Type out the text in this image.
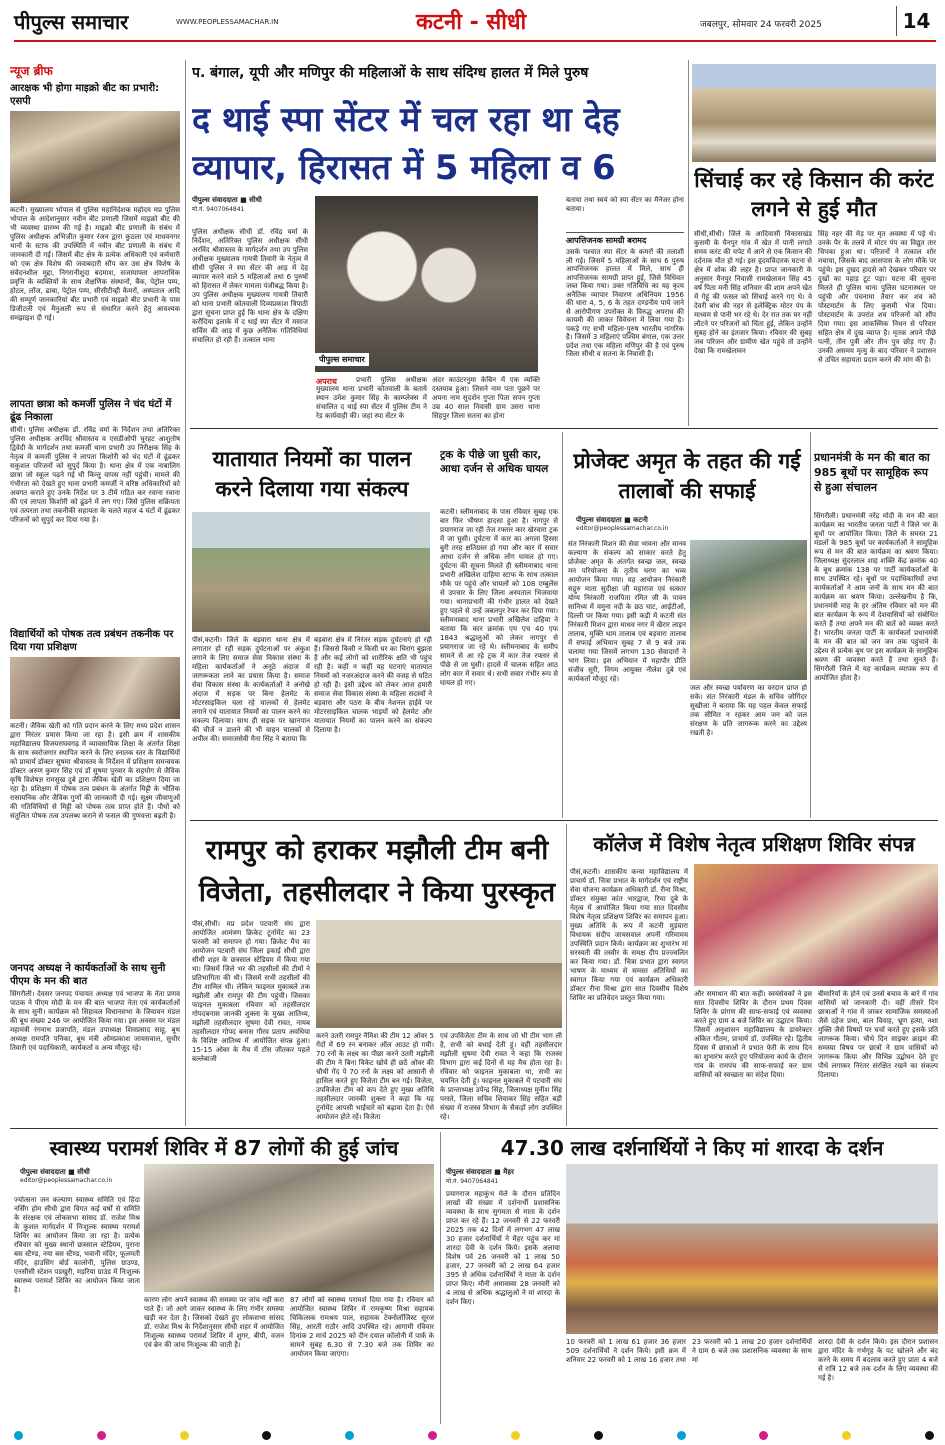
पीपुल्स समाचार	WWW.PEOPLESSAMACHAR.IN	कटनी - सीधी	जबलपुर, सोमवार 24 फरवरी 2025	14
न्यूज ब्रीफ
आरक्षक भी होगा माइक्रो बीट का प्रभारी: एसपी
कटनी। मुख्यालय भोपाल से पुलिस महानिदेशक महोदय मप्र पुलिस भोपाल के आदेशानुसार नवीन बीट प्रणाली जिसमें माइक्रो बीट की भी व्यवस्था प्रारम्भ की गई है। माइक्रो बीट प्रणाली के संबंध में पुलिस अधीक्षक अभिजीत कुमार रंजन द्वारा कुठला एवं माधवनगर थानों के स्टाफ की उपस्थिति में नवीन बीट प्रणाली के संबंध में जानकारी दी गई। जिसमें बीट क्षेत्र के प्रत्येक अधिकारी एवं कर्मचारी को एक क्षेत्र विशेष की जवाबदारी सौंप कर उस क्षेत्र विशेष के संवेदनशील मुद्दा, निगरानीशुदा बदमाश, सजायाफ्ता आपराधिक प्रवृत्ति के व्यक्तियों के साथ शैक्षणिक संस्थानों, बैंक, पेट्रोल पम्प, होटल, लॉज, ढाबा, पेट्रोल पम्प, सीसीटीव्ही कैमरों, अस्पताल आदि की सम्पूर्ण जानकारियां बीट प्रभारी एवं माइक्रो बीट प्रभारी के पास डिजीटली एवं मैनुअली रूप से संधारित करने हेतु आवश्यक समझाइश दी गई।
लापता छात्रा को कमर्जी पुलिस ने चंद घंटों में ढूंढ निकाला
सीधी। पुलिस अधीक्षक डॉ. रविंद्र वर्मा के निर्देशन तथा अतिरिक्त पुलिस अधीक्षक अरविंद श्रीवास्तव व एसडीओपी चुरहट आशुतोष द्विवेदी के मार्गदर्शन तथा कमर्जी थाना प्रभारी उप निरीक्षक सिंह के नेतृत्व में कमर्जी पुलिस ने लापता किशोरी को चंद घंटों में ढूंढकर सकुशल परिजनों को सुपुर्द किया है। थाना क्षेत्र में एक नाबालिग छात्रा जो स्कूल पढ़ने गई थी किन्तु वापस नहीं पहुंची। मामले की गंभीरता को देखते हुए थाना प्रभारी कमर्जी ने वरिष्ठ अधिकारियों को अवगत कराते हुए उनके निर्देश पर 3 टीमें गठित कर रवाना रवाना की एवं लापता किशोरी को ढूंढने में लग गए। जिसे पुलिस सक्रियता एवं तत्परता तथा तकनीकी सहायता के चलते महज 4 घंटों में ढूंढकर परिजनों को सुपुर्द कर दिया गया है।
विद्यार्थियों को पोषक तत्व प्रबंधन तकनीक पर दिया गया प्रशिक्षण
कटनी। जैविक खेती को गति प्रदान करने के लिए मध्य प्रदेश शासन द्वारा निरंतर प्रयास किया जा रहा है। इसी क्रम में शासकीय महाविद्यालय विजयराघवगढ़ में व्यावसायिक शिक्षा के अंतर्गत शिक्षा के साथ स्वरोजगार स्थापित करने के लिए स्नातक स्तर के विद्यार्थियों को प्राचार्य डॉक्टर सुषमा श्रीवास्तव के निर्देशन में प्रशिक्षण समन्वयक डॉक्टर अरुण कुमार सिंह एवं डॉ सुषमा पुरवार के सहयोग से जैविक कृषि विशेषज्ञ रामसुख दुबे द्वारा जैविक खेती का प्रशिक्षण दिया जा रहा है। प्रशिक्षण में पोषक तत्व प्रबंधन के अंतर्गत मिट्टी के भौतिक रासायनिक और जैविक गुणों की जानकारी दी गई। सूक्ष्म जीवाणुओं की गतिविधियों से मिट्टी को पोषक तत्व प्राप्त होते हैं। पौधों को संतुलित पोषक तत्व उपलब्ध कराने से फसल की गुणवत्ता बढ़ती है।
जनपद अध्यक्ष ने कार्यकर्ताओं के साथ सुनी पीएम के मन की बात
सिंगरौली। देवसर जनपद पंचायत अध्यक्ष एवं भाजपा के नेता प्रणव पाठक ने पीएम मोदी के मन की बात भाजपा नेता एवं कार्यकर्ताओं के साथ सुनी। कार्यक्रम को सिहावल विधानसभा के जियावन मंडल की बूथ संख्या 246 पर आयोजित किया गया। इस अवसर पर मंडल महामंत्री रंगनाथ प्रजापति, मंडल उपाध्यक्ष शिवप्रसाद साहू, बूथ अध्यक्ष रामपति पनिका, बूथ मंत्री ओमप्रकाश जायसवाल, सुधीर तिवारी एवं पदाधिकारी, कार्यकर्ता व अन्य मौजूद रहे।
प. बंगाल, यूपी और मणिपुर की महिलाओं के साथ संदिग्ध हालत में मिले पुरुष
द थाई स्पा सेंटर में चल रहा था देह व्यापार, हिरासत में 5 महिला व 6
पीपुल्स संवाददाता ■ सीधी
मो.नं. 9407064841
पीपुल्स समाचार
अपराध
पुलिस अधीक्षक सीधी डॉ. रविंद्र वर्मा के निर्देशन, अतिरिक्त पुलिस अधीक्षक सीधी अरविंद श्रीवास्तव के मार्गदर्शन तथा उप पुलिस अधीक्षक मुख्यालय गायत्री तिवारी के नेतृत्व में सीधी पुलिस ने स्पा सेंटर की आड़ में देह व्यापार करने वाले 5 महिलाओं तथा 6 पुरुषों को हिरासत में लेकर मामला पंजीबद्ध किया है। उप पुलिस अधीक्षक मुख्यालय गायत्री तिवारी को थाना प्रभारी कोतवाली दिव्यप्रकाश त्रिपाठी द्वारा सूचना प्राप्त हुई कि थाना क्षेत्र के दक्षिण करौंदिया इलाके में द थाई स्पा सेंटर में मसाज सर्विस की आड़ में कुछ अनैतिक गतिविधियां संचालित हो रही हैं। तत्काल थाना
प्रभारी पुलिस अधीक्षक मुख्यालय थाना प्रभारी कोतवाली के बताये स्थान उमेश कुमार सिंह के काम्प्लेक्स में संचालित द थाई स्पा सेंटर में पुलिस टीम ने रेड कार्यवाही की। जहां स्पा सेंटर के
अंदर काउंटरनुमा केबिन में एक व्यक्ति दस्तयाब हुआ। जिसने नाम पता पूछने पर अपना नाम सुदर्शन गुप्ता पिता सपन गुप्ता उम्र 40 साल निवासी ग्राम उसरा थाना सिंहपुर जिला सतना का होना
बताया तथा स्वयं को स्पा सेंटर का मैनेजर होना बताया।
आपत्तिजनक सामग्री बरामद
उसके पश्चात स्पा सेंटर के कमरों की तलाशी ली गई। जिसमें 5 महिलाओं के साथ 6 पुरुष आपत्तिजनक हालत में मिले, साथ ही आपत्तिजनक सामग्री प्राप्त हुई, जिसे विधिवत जब्त किया गया। उक्त गतिविधि का यह कृत्य अनैतिक व्यापार निवारण अधिनियम 1956 की धारा 4, 5, 6 के तहत दण्डनीय पाये जाने से आरोपीगण उपरोक्त के विरुद्ध अपराध की कायमी की जाकर विवेचना में लिया गया है। पकड़े गए सभी महिला-पुरुष भारतीय नागरिक है। जिसमें 3 महिलाएं पश्चिम बंगाल, एक उत्तर प्रदेश तथा एक महिला मणिपुर की है एवं पुरुष जिला सीधी व सतना के निवासी हैं।
सिंचाई कर रहे किसान की करंट लगने से हुई मौत
सीधी,सीधी। जिले के आदिवासी विकासखंड कुसमी के चैनपुर गांव में खेत में पानी लगाते समय करंट की चपेट में आने से एक किसान की दर्दनाक मौत हो गई। इस हृदयविदारक घटना से क्षेत्र में शोक की लहर है। प्राप्त जानकारी के अनुसार मैनपुर निवासी रामखेलावन सिंह 45 वर्ष पिता मनी सिंह शनिवार की शाम अपने खेत में गेहूं की फसल को सिंचाई करने गए थे। वे देवरी बांध की नहर से इलेक्ट्रिक मोटर पंप के माध्यम से पानी भर रहे थे। देर रात तक घर नहीं लौटने पर परिजनों को चिंता हुई, लेकिन उन्होंने सुबह होने का इंतजार किया। रविवार की सुबह जब परिजन और ग्रामीण खेत पहुंचे तो उन्होंने देखा कि रामखेलावन
सिंह नहर की मेड़ पर मृत अवस्था में पड़े थे। उनके पैर के तलवे में मोटर पंप का विद्युत तार चिपका हुआ था। परिजनों ने तत्काल शोर मचाया, जिसके बाद आसपास के लोग मौके पर पहुंचे। इस दुखद हादसे को देखकर परिवार पर दुखों का पहाड़ टूट पड़ा। घटना की सूचना मिलते ही पुलिस थाना पुलिस घटनास्थल पर पहुंची और पंचनामा तैयार कर शव को पोस्टमार्टम के लिए कुसमी भेज दिया। पोस्टमार्टम के उपरांत शव परिजनों को सौंप दिया गया। इस आकस्मिक निधन से परिवार सहित क्षेत्र में दुख व्याप्त है। मृतक अपने पीछे पत्नी, तीन पुत्री और तीन पुत्र छोड़ गए हैं। उनकी असमय मृत्यु के बाद परिवार ने प्रशासन से उचित सहायता प्रदान करने की मांग की है।
यातायात नियमों का पालन करने दिलाया गया संकल्प
पीसं,कटनी। जिले के बड़वारा थाना क्षेत्र में लगातार हो रही सड़क दुर्घटनाओं पर अंकुश लगाने के लिए समाज सेवा विकास संस्था के महिला कार्यकर्ताओं ने अनूठे अंदाज में जागरूकता लाने का प्रयास किया है। समाज सेवा विकास संस्था के कार्यकर्ताओं ने अनोखे अंदाज में सड़क पर बिना हेलमेट के मोटरसाइकिल चला रहे चालकों से हेलमेट लगाने एवं यातायात नियमों का पालन करने का संकल्प दिलाया। साथ ही सड़क पर खानपान की चीजें न डालने की भी वाहन चालकों से अपील की। समाजसेवी मैना सिंह ने बताया कि
बड़वारा क्षेत्र में निरंतर सड़क दुर्घटनाएं हो रही हैं। जिससे किसी न किसी घर का चिराग बुझता है और कई लोगों को शारीरिक क्षति भी पहुंच रही है। कहीं न कहीं यह घटनाएं यातायात नियमों को नजरअंदाज करने की वजह से घटित हो रही हैं। इसी उद्देश्य को लेकर आज हमारी समाज सेवा विकास संस्था के महिला सदस्यों ने बड़वारा और पठरा के बीच नेशनल हाईवे पर मोटरसाइकिल चालक भाइयों को हेलमेट और यातायात नियमों का पालन करने का संकल्प दिलाया है।
ट्रक के पीछे जा घुसी कार, आधा दर्जन से अधिक घायल
कटनी। स्लीमनाबाद के पास रविवार सुबह एक बार फिर भीषण हादसा हुआ है। नागपुर से प्रयागराज जा रही तेज रफ्तार कार खेरवारा ट्रक में जा घुसी। दुर्घटना में कार का अगला हिस्सा बुरी तरह क्षतिग्रस्त हो गया और कार में सवार आधा दर्जन से अधिक लोग घायल हो गए। दुर्घटना की सूचना मिलते ही स्लीमनाबाद थाना प्रभारी अखिलेश दाहिया स्टाफ के साथ तत्काल मौके पर पहुंचे और घायलों को 108 एम्बुलेंस से उपचार के लिए जिला अस्पताल भिजवाया गया। थानाप्रभारी की गंभीर हालत को देखते हुए पहले से उन्हें जबलपुर रेफर कर दिया गया। स्लीमनाबाद थाना प्रभारी अखिलेश दाहिया ने बताया कि कार क्रमांक एम एच 40 एफ 1843 श्रद्धालुओं को लेकर नागपुर से प्रयागराज जा रहे थे। स्लीमनाबाद के समीप सामने से आ रहे ट्रक में कार तेज रफ्तार से पीछे से जा घुसी। हादसे में चालक सहित आठ लोग कार में सवार थे। सभी सवार गंभीर रूप से घायल हो गए।
प्रोजेक्ट अमृत के तहत की गई तालाबों की सफाई
पीपुल्स संवाददाता ■ कटनी
editor@peoplessamachar.co.in
संत निरंकारी मिशन की सेवा भावना और मानव कल्याण के संकल्प को साकार करते हेतु प्रोजेक्ट अमृत के अंतर्गत स्वच्छ जल, स्वच्छ मन परियोजना के तृतीय चरण का भव्य आयोजन किया गया। यह आयोजन निरंकारी सद्गुरु माता सुदीक्षा जी महाराज एवं सत्कार योग्य निरंकारी राजपिता रमित जी के पावन सानिध्य में यमुना नदी के छठ घाट, आईटीओ, दिल्ली पर किया गया। इसी कड़ी में कटनी संत निरंकारी मिशन द्वारा माधव नगर में खैरार लाइन तालाब, मुक्ति धाम तालाब एवं बड़वारा तालाब में सफाई अभियान सुबह 7 से 9 बजे तक चलाया गया जिसमें लगभग 130 सेवादारों ने भाग लिया। इस अभियान में महापौर प्रीति संजीव सूरी, निगम आयुक्त नीलेश दुबे एवं कार्यकर्ता मौजूद रहे।
जल और स्वच्छ पर्यावरण का वरदान प्राप्त हो सके। संत निरंकारी मंडल के सचिव जोगिंदर सुखीजा ने बताया कि यह पहल केवल सफाई तक सीमित न रहकर आम जन को जल संरक्षण के प्रति जागरूक करने का उद्देश्य रखती है।
प्रधानमंत्री के मन की बात का 985 बूथों पर सामूहिक रूप से हुआ संचालन
सिंगरौली। प्रधानमंत्री नरेंद्र मोदी के मन की बात कार्यक्रम का भारतीय जनता पार्टी ने जिले भर के बूथों पर आयोजित किया। जिले के समस्त 21 मंडलों के 985 बूथों पर कार्यकर्ताओं ने सामूहिक रूप से मन की बात कार्यक्रम का श्रवण किया। जिलाध्यक्ष सुंदरलाल शाह शक्ति केंद्र क्रमांक 40 के बूथ क्रमांक 138 पर पार्टी कार्यकर्ताओं के साथ उपस्थित रहे। बूथों पर पदाधिकारियों तथा कार्यकर्ताओं ने आम जनों के साथ मन की बात कार्यक्रम का श्रवण किया। उल्लेखनीय है कि, प्रधानमंत्री माह के हर अंतिम रविवार को मन की बात कार्यक्रम के रूप में देशवासियों को संबोधित करते हैं तथा अपने मन की बातें को व्यक्त करते हैं। भारतीय जनता पार्टी के कार्यकर्ता प्रधानमंत्री के मन की बात को जन जन तक पहुंचाने के उद्देश्य से प्रत्येक बूथ पर इस कार्यक्रम के सामूहिक श्रवण की व्यवस्था करते हैं तथा सुनते हैं। सिंगरौली जिले में यह कार्यक्रम व्यापक रूप से आयोजित होता है।
रामपुर को हराकर मझौली टीम बनी विजेता, तहसीलदार ने किया पुरस्कृत
पीसं,सीधी। मप्र प्रदेश पटवारी संघ द्वारा आयोजित आमंत्रण क्रिकेट टूर्नामेंट का 23 फरवरी को समापन हो गया। क्रिकेट मैच का आयोजन पटवारी संघ जिला इकाई सीधी द्वारा सीधी शहर के छत्रसाल स्टेडियम में किया गया था। जिसमें जिले भर की तहसीलों की टीमों ने प्रतिभागिता की थी। जिसमें सभी तहसीलों की टीम शामिल थी। लेकिन फाइनल मुकाबले तक मझौली और रामपुर की टीम पहुंची। जिसका फाइनल मुकाबला रविवार को तहसीलदार गोपदबनास जानकी शुक्ला के मुख्य आतिथ्य, मझौली तहसीलदार सुषमा देवी रावत, नायब तहसीलदार गोपद बनास गौरव प्रताप अवधिया के विशिष्ट आतिथ्य में आयोजित संपन्न हुआ। 15-15 ओवर के मैच में टॉस जीतकर पहले बल्लेबाजी
करने उतरी रामपुर नैमिश की टीम 12 ओवर 5 गेंदों में 69 रन बनाकर ऑल आउट हो गयी। 70 रनों के लक्ष्य का पीछा करने उतरी मझौली की टीम ने बिना विकेट खोये ही छठें ओवर की चौथी गेंद पे 70 रनों के लक्ष्य को आसानी से हासिल करते हुए विजेता टीम बन गई। विजेता, उपविजेता टीम को कप देते हुए मुख्य अतिथि तहसीलदार जानकी शुक्ला ने कहा कि यह टूर्नामेंट आपसी भाईचारे को बढ़ावा देता है। ऐसे आयोजन होते रहें। विजेता
एवं उपविजेता टीम के साथ जो भी टीम भाग ली है, सभी को बधाई देती हूं। वहीं तहसीलदार मझौली सुषमा देवी रावत ने कहा कि राजस्व विभाग द्वारा कई दिनों से यह मैच होता रहा है। रविवार को फाइनल मुकाबला था, सभी का चयनित देती हूं। फाइनल मुकाबले में पटवारी संघ के प्रान्ताध्यक्ष उपेन्द्र सिंह, जिलाध्यक्ष मुनीश सिंह परस्ते, जिला सचिव शिवाकर सिंह सहित बड़ी संख्या में राजस्व विभाग के सैकड़ों लोग उपस्थित रहे।
कॉलेज में विशेष नेतृत्व प्रशिक्षण शिविर संपन्न
पीसं,कटनी। शासकीय कन्या महाविद्यालय में प्राचार्य डॉ. चित्रा प्रभात के मार्गदर्शन एवं राष्ट्रीय सेवा योजना कार्यक्रम अधिकारी डॉ. रीना मिश्रा, डॉक्टर संयुक्त कांत भारद्वाज, रिचा दुबे के नेतृत्व में आयोजित किया गया सात दिवसीय विशेष नेतृत्व प्रशिक्षण शिविर का समापन हुआ। मुख्य अतिथि के रूप में कटनी मुड़वारा विधायक संदीप जायसवाल अपनी गरिमामय उपस्थिति प्रदान किये। कार्यक्रम का शुभारंभ मां सरस्वती की तस्वीर के समक्ष दीप प्रज्ज्वलित कर किया गया। डॉ. चित्रा प्रभात द्वारा स्वागत भाषण के माध्यम से समस्त अतिथियों का स्वागत किया गया एवं कार्यक्रम अधिकारी डॉक्टर रीना मिश्रा द्वारा सात दिवसीय विशेष शिविर का प्रतिवेदन प्रस्तुत किया गया।	और समाधान की बात कही। स्वयंसेवकों ने इस सात दिवसीय शिविर के दौरान प्रथम दिवस शिविर के प्रांगण की साफ-सफाई एवं व्यवस्था करते हुए ग्राम 4 बजे शिविर का उद्घाटन किया। जिसमें अनुशासन महाविद्यालय के डायरेक्टर अंकित गौतम, प्राचार्य डॉ. उपस्थित रहे। द्वितीय दिवस में छात्राओं ने प्रभात फेरी के साथ दिन का शुभारंभ करते हुए परियोजना कार्य के दौरान गांव के रामपंच की साफ-सफाई कर ग्राम वासियों को स्वच्छता का संदेश दिया।
बीमारियों के होने एवं उनसे बचाव के बारे में गांव वासियों को जानकारी दी। वहीं तीसरे दिन छात्राओं ने गांव में जाकर सामाजिक समस्याओं जैसे दहेज प्रथा, बाल विवाह, भ्रूण हत्या, नशा मुक्ति जैसे विषयों पर चर्चा करते हुए इसके प्रति जागरूक किया। चौथे दिन साइबर क्राइम की समस्या विषय पर छात्रों ने ग्राम वासियों को जागरूक किया और विभिन्न उद्बोधन देते हुए पौधे लगाकर निरंतर संरक्षित रखने का संकल्प दिलाया।
स्वास्थ्य परामर्श शिविर में 87 लोगों की हुई जांच
पीपुल्स संवाददाता ■ सीधी
editor@peoplessamachar.co.in
ज्योत्सना जन कल्याण स्वास्थ्य समिति एवं हिंदा नर्सिंग होम सीधी द्वारा विगत कई वर्षों से समिति के संरक्षक एवं लोकसभा सांसद डॉ. राजेश मिश्र के कुशल मार्गदर्शन में निःशुल्क स्वास्थ्य परामर्श शिविर का आयोजन किया जा रहा है। प्रत्येक रविवार को मुख्य स्थानों छत्रसाल स्टेडियम, पुराना बस स्टैण्ड, नया बस स्टैण्ड, भवानी मंदिर, फूलमती मंदिर, हाउसिंग बोर्ड कालोनी, पुलिस ग्राउण्ड, एनसीसी स्टेशन पडखुरी, मड़रिया ग्राउंड में निःशुल्क स्वास्थ्य परामर्श शिविर का आयोजन किया जाता है।
कारण लोग अपने स्वास्थ्य की समस्या पर जांच नहीं करा पाते हैं। जो आगे जाकर स्वास्थ्य के लिए गंभीर समस्या खड़ी कर देता है। जिसको देखते हुए लोकसभा सांसद डॉ. राजेश मिश्र के निर्देशानुसार सीधी शहर में आयोजित निःशुल्क स्वास्थ्य परामर्श शिविर में शुगर, बीपी, वजन एवं ब्रेन की जांच निःशुल्क की जाती है।
87 लोगों को स्वास्थ्य परामर्श दिया गया है। रविवार को आयोजित स्वास्थ्य शिविर में रामकृष्ण मिश्रा सहायक चिकित्सक रामश्रय पाल, सहायक टेक्नोलॉजिस्ट सूरज सिंह, आरती राठौर आदि उपस्थित रहे। आगामी रविवार दिनांक 2 मार्च 2025 को दीन दयाल कॉलोनी में पार्क के सामने सुबह 6.30 से 7.30 बजे तक शिविर का आयोजन किया जाएगा।
47.30 लाख दर्शनार्थियों ने किए मां शारदा के दर्शन
पीपुल्स संवाददाता ■ मैहर
मो.नं. 9407064841
प्रयागराज महाकुंभ मेले के दौरान प्रतिदिन लाखों की संख्या में दर्शनार्थी प्रशासनिक व्यवस्था के साथ सुगमता से माता के दर्शन प्राप्त कर रहे हैं। 12 जनवरी से 22 फरवरी 2025 तक 42 दिनों में लगभग 47 लाख 30 हजार दर्शनार्थियों ने मैहर पहुंच कर मां शारदा देवी के दर्शन किये। इसके अलावा विशेष पर्व 26 जनवरी को 1 लाख 50 हजार, 27 जनवरी को 2 लाख 64 हजार 395 से अधिक दर्शनार्थियों ने माता के दर्शन प्राप्त किए। मौनी अमावस्या 28 जनवरी को 4 लाख से अधिक श्रद्धालुओं ने मां शारदा के दर्शन किए।
10 फरवरी को 1 लाख 61 हजार 36 हजार 509 दर्शनार्थियों ने दर्शन किये। इसी क्रम में शनिवार 22 फरवरी को 1 लाख 16 हजार तथा 23 फरवरी को 1 लाख 20 हजार दर्शनार्थियों ने ग्राम 6 बजे तक प्रशासनिक व्यवस्था के साथ मां
शारदा देवी के दर्शन किये। इस दौरान प्रशासन द्वारा मंदिर के गर्भगृह के पट खोलने और बंद करने के समय में बदलाव करते हुए प्रातः 4 बजे से रात्रि 12 बजे तक दर्शन के लिए व्यवस्था की गई है।
